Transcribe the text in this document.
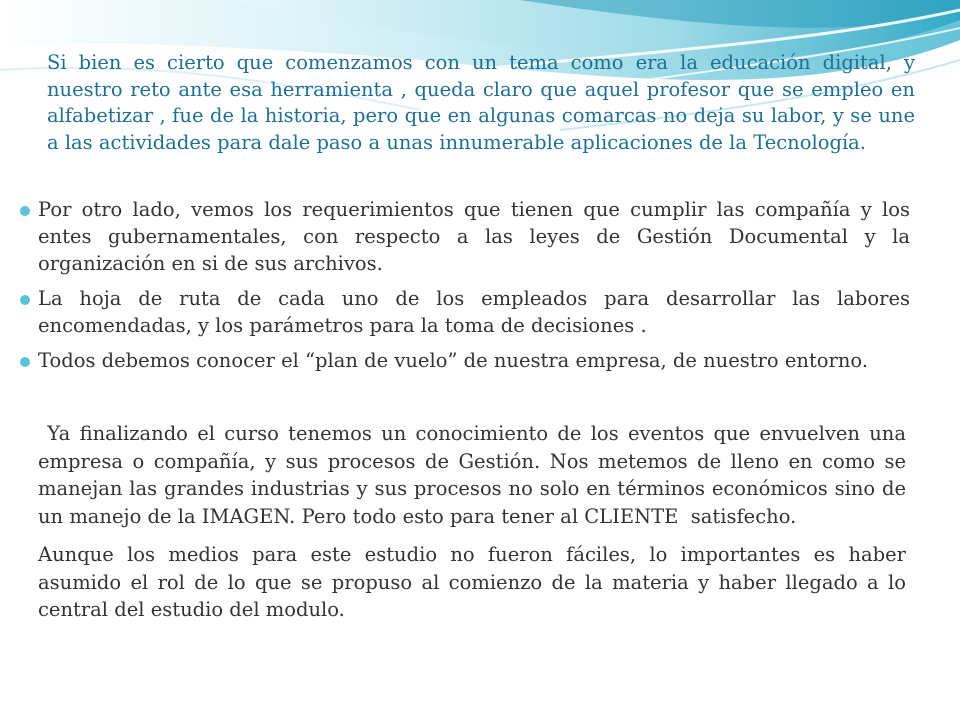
Si bien es cierto que comenzamos con un tema como era la educación digital, y nuestro reto ante esa herramienta , queda claro que aquel profesor que se empleo en alfabetizar , fue de la historia, pero que en algunas comarcas no deja su labor, y se une a las actividades para dale paso a unas innumerable aplicaciones de la Tecnología.
Por otro lado, vemos los requerimientos que tienen que cumplir las compañía y los entes gubernamentales, con respecto a las leyes de Gestión Documental y la organización en si de sus archivos.
La hoja de ruta de cada uno de los empleados para desarrollar las labores encomendadas, y los parámetros para la toma de decisiones .
Todos debemos conocer el “plan de vuelo” de nuestra empresa, de nuestro entorno.

Ya finalizando el curso tenemos un conocimiento de los eventos que envuelven una empresa o compañía, y sus procesos de Gestión. Nos metemos de lleno en como se manejan las grandes industrias y sus procesos no solo en términos económicos sino de un manejo de la IMAGEN. Pero todo esto para tener al CLIENTE  satisfecho.

Aunque los medios para este estudio no fueron fáciles, lo importantes es haber asumido el rol de lo que se propuso al comienzo de la materia y haber llegado a lo central del estudio del modulo.
